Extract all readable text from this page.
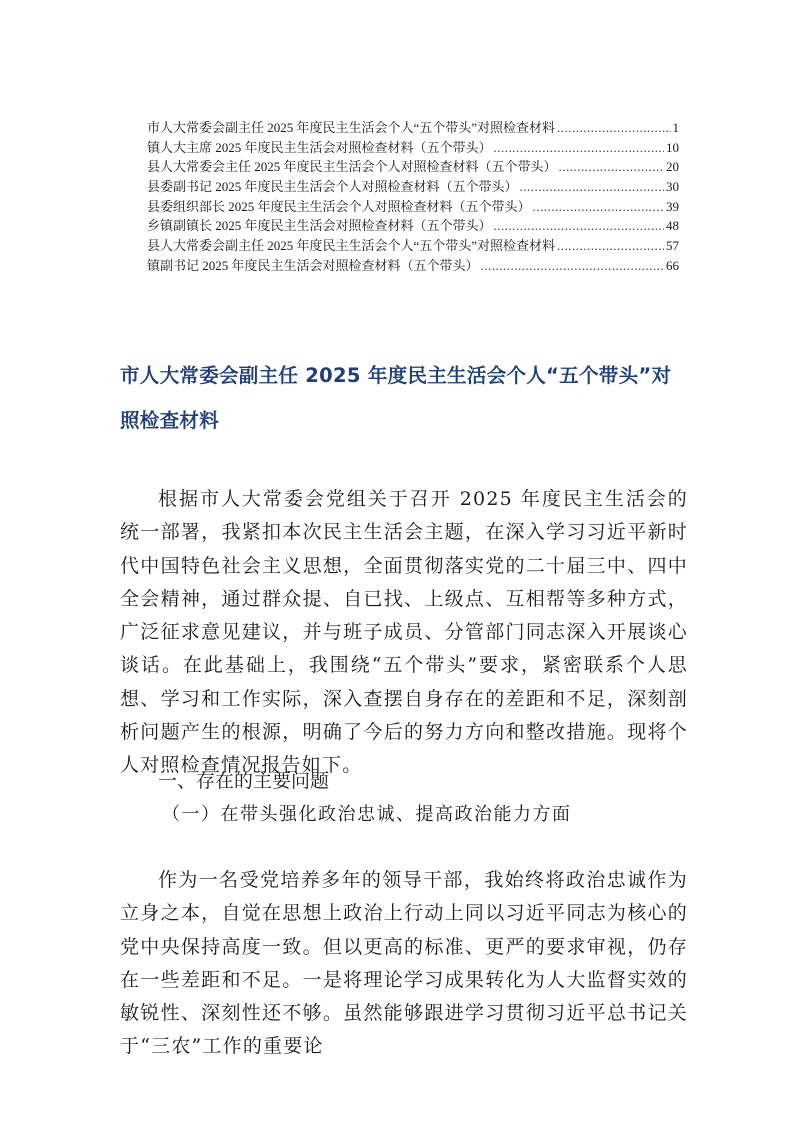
市人大常委会副主任 2025 年度民主生活会个人“五个带头”对照检查材料 .....	1
镇人大主席 2025 年度民主生活会对照检查材料（五个带头） .....	10
县人大常委会主任 2025 年度民主生活会个人对照检查材料（五个带头） .....	20
县委副书记 2025 年度民主生活会个人对照检查材料（五个带头） .....	30
县委组织部长 2025 年度民主生活会个人对照检查材料（五个带头） .....	39
乡镇副镇长 2025 年度民主生活会对照检查材料（五个带头） .....	48
县人大常委会副主任 2025 年度民主生活会个人“五个带头”对照检查材料 .....	57
镇副书记 2025 年度民主生活会对照检查材料（五个带头） .....	66
市人大常委会副主任 2025 年度民主生活会个人“五个带头”对照检查材料

根据市人大常委会党组关于召开 2025 年度民主生活会的统一部署，我紧扣本次民主生活会主题，在深入学习习近平新时代中国特色社会主义思想，全面贯彻落实党的二十届三中、四中全会精神，通过群众提、自已找、上级点、互相帮等多种方式，广泛征求意见建议，并与班子成员、分管部门同志深入开展谈心谈话。在此基础上，我围绕“五个带头”要求，紧密联系个人思想、学习和工作实际，深入查摆自身存在的差距和不足，深刻剖析问题产生的根源，明确了今后的努力方向和整改措施。现将个人对照检查情况报告如下。

一、存在的主要问题
（一）在带头强化政治忠诚、提高政治能力方面

作为一名受党培养多年的领导干部，我始终将政治忠诚作为立身之本，自觉在思想上政治上行动上同以习近平同志为核心的党中央保持高度一致。但以更高的标准、更严的要求审视，仍存在一些差距和不足。一是将理论学习成果转化为人大监督实效的敏锐性、深刻性还不够。虽然能够跟进学习贯彻习近平总书记关于“三农”工作的重要论
